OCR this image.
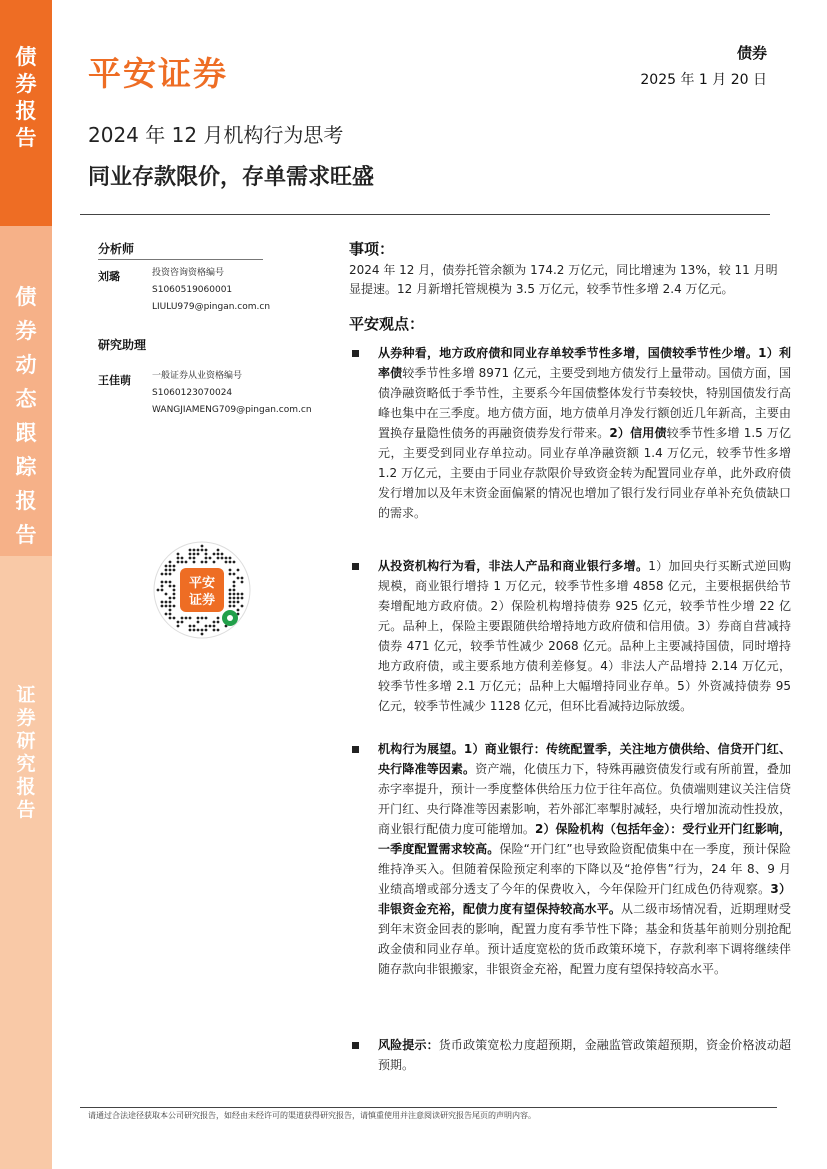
债
券
报
告
债
券
动
态
跟
踪
报
告
证
券
研
究
报
告
平安证券
债券
2025 年 1 月 20 日
2024 年 12 月机构行为思考
同业存款限价，存单需求旺盛
分析师
刘璐	投资咨询资格编号
S1060519060001
LIULU979@pingan.com.cn
研究助理
王佳萌 一般证券从业资格编号
S1060123070024
WANGJIAMENG709@pingan.com.cn
平安
证券
事项：
2024 年 12 月，债券托管余额为 174.2 万亿元，同比增速为 13%，较 11 月明显提速。12 月新增托管规模为 3.5 万亿元，较季节性多增 2.4 万亿元。
平安观点：
从券种看，地方政府债和同业存单较季节性多增，国债较季节性少增。1）利率债较季节性多增 8971 亿元，主要受到地方债发行上量带动。国债方面，国债净融资略低于季节性，主要系今年国债整体发行节奏较快，特别国债发行高峰也集中在三季度。地方债方面，地方债单月净发行额创近几年新高，主要由置换存量隐性债务的再融资债券发行带来。2）信用债较季节性多增 1.5 万亿元，主要受到同业存单拉动。同业存单净融资额 1.4 万亿元，较季节性多增 1.2 万亿元，主要由于同业存款限价导致资金转为配置同业存单，此外政府债发行增加以及年末资金面偏紧的情况也增加了银行发行同业存单补充负债缺口的需求。
从投资机构行为看，非法人产品和商业银行多增。1）加回央行买断式逆回购规模，商业银行增持 1 万亿元，较季节性多增 4858 亿元，主要根据供给节奏增配地方政府债。2）保险机构增持债券 925 亿元，较季节性少增 22 亿元。品种上，保险主要跟随供给增持地方政府债和信用债。3）券商自营减持债券 471 亿元，较季节性减少 2068 亿元。品种上主要减持国债，同时增持地方政府债，或主要系地方债利差修复。4）非法人产品增持 2.14 万亿元，较季节性多增 2.1 万亿元；品种上大幅增持同业存单。5）外资减持债券 95 亿元，较季节性减少 1128 亿元，但环比看减持边际放缓。
机构行为展望。1）商业银行：传统配置季，关注地方债供给、信贷开门红、央行降准等因素。资产端，化债压力下，特殊再融资债发行或有所前置，叠加赤字率提升，预计一季度整体供给压力位于往年高位。负债端则建议关注信贷开门红、央行降准等因素影响，若外部汇率掣肘减轻，央行增加流动性投放，商业银行配债力度可能增加。2）保险机构（包括年金）：受行业开门红影响，一季度配置需求较高。保险“开门红”也导致险资配债集中在一季度，预计保险维持净买入。但随着保险预定利率的下降以及“抢停售”行为，24 年 8、9 月业绩高增或部分透支了今年的保费收入，今年保险开门红成色仍待观察。3）非银资金充裕，配债力度有望保持较高水平。从二级市场情况看，近期理财受到年末资金回表的影响，配置力度有季节性下降；基金和货基年前则分别抢配政金债和同业存单。预计适度宽松的货币政策环境下，存款利率下调将继续伴随存款向非银搬家，非银资金充裕，配置力度有望保持较高水平。
风险提示：货币政策宽松力度超预期，金融监管政策超预期，资金价格波动超预期。
请通过合法途径获取本公司研究报告，如经由未经许可的渠道获得研究报告，请慎重使用并注意阅读研究报告尾页的声明内容。
